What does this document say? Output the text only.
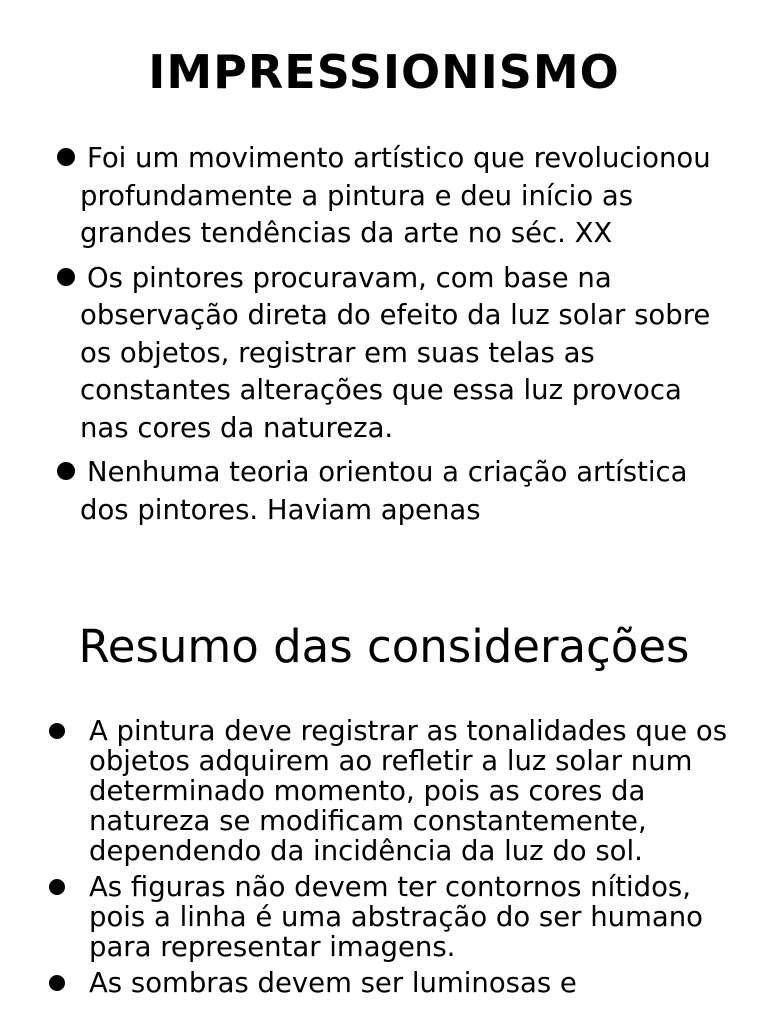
IMPRESSIONISMO
Foi um movimento artístico que revolucionou profundamente a pintura e deu início as grandes tendências da arte no séc. XX
Os pintores procuravam, com base na observação direta do efeito da luz solar sobre os objetos, registrar em suas telas as constantes alterações que essa luz provoca nas cores da natureza.
Nenhuma teoria orientou a criação artística dos pintores. Haviam apenas
Resumo das considerações
A pintura deve registrar as tonalidades que os objetos adquirem ao refletir a luz solar num determinado momento, pois as cores da natureza se modificam constantemente, dependendo da incidência da luz do sol.
As figuras não devem ter contornos nítidos, pois a linha é uma abstração do ser humano para representar imagens.
As sombras devem ser luminosas e
